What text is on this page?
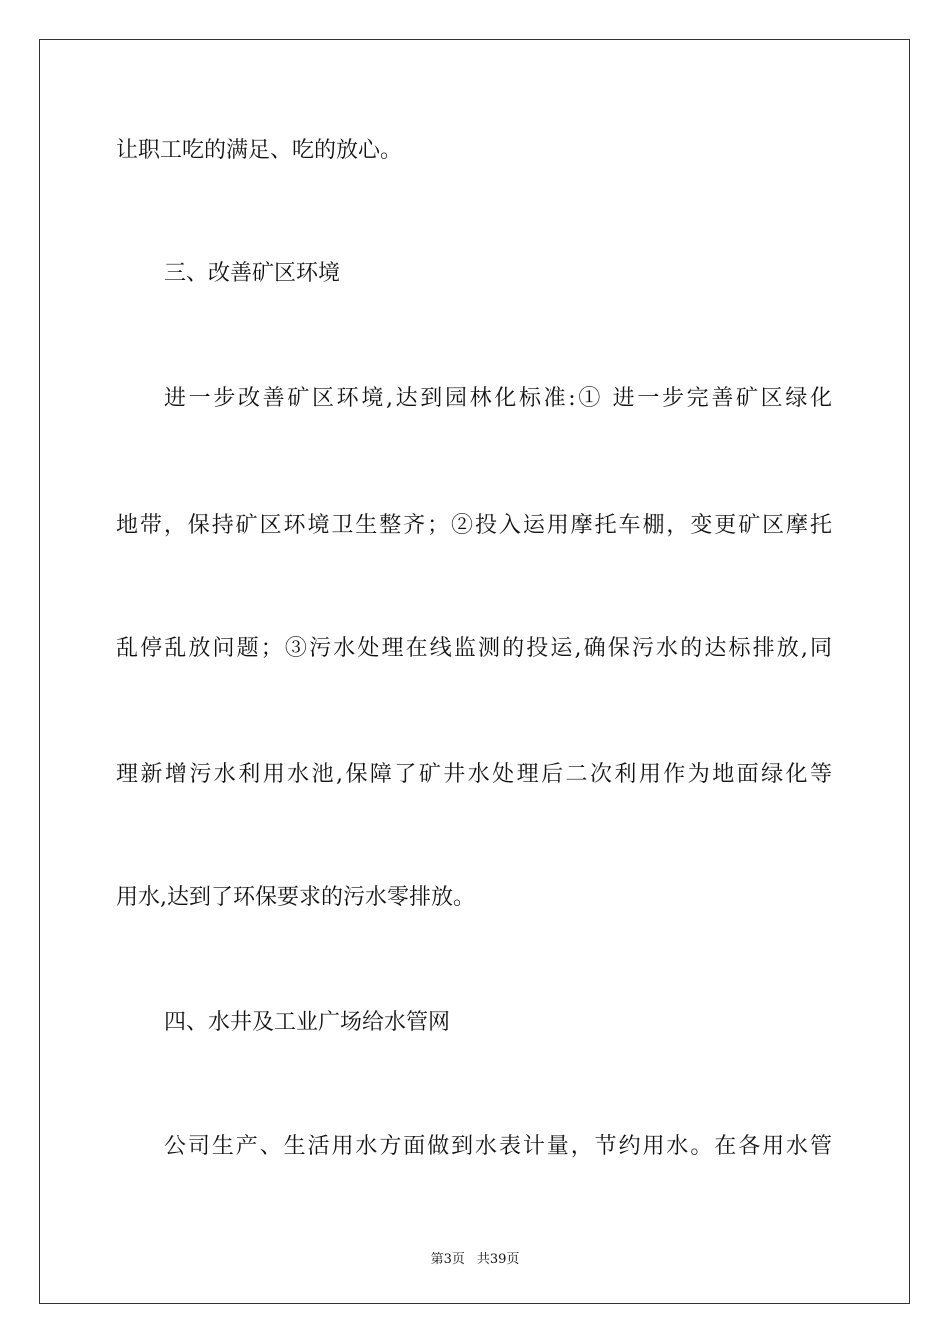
让职工吃的满足、吃的放心。
三、改善矿区环境
进一步改善矿区环境,达到园林化标准:① 进一步完善矿区绿化
地带，保持矿区环境卫生整齐；②投入运用摩托车棚，变更矿区摩托
乱停乱放问题；③污水处理在线监测的投运,确保污水的达标排放,同
理新增污水利用水池,保障了矿井水处理后二次利用作为地面绿化等
用水,达到了环保要求的污水零排放。
四、水井及工业广场给水管网
公司生产、生活用水方面做到水表计量，节约用水。在各用水管
第3页 共39页
